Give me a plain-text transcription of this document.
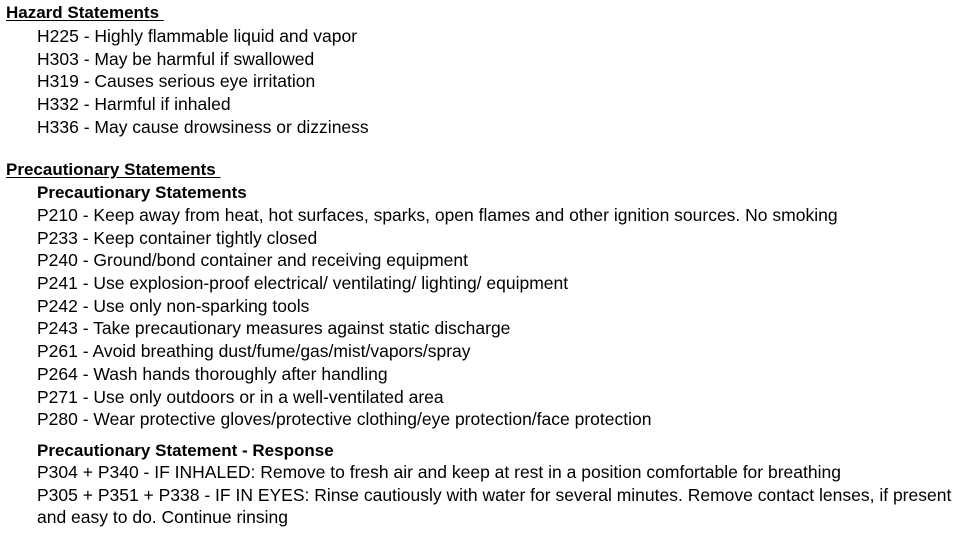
Hazard Statements
H225 - Highly flammable liquid and vapor
H303 - May be harmful if swallowed
H319 - Causes serious eye irritation
H332 - Harmful if inhaled
H336 - May cause drowsiness or dizziness
Precautionary Statements
Precautionary Statements
P210 - Keep away from heat, hot surfaces, sparks, open flames and other ignition sources. No smoking
P233 - Keep container tightly closed
P240 - Ground/bond container and receiving equipment
P241 - Use explosion-proof electrical/ ventilating/ lighting/ equipment
P242 - Use only non-sparking tools
P243 - Take precautionary measures against static discharge
P261 - Avoid breathing dust/fume/gas/mist/vapors/spray
P264 - Wash hands thoroughly after handling
P271 - Use only outdoors or in a well-ventilated area
P280 - Wear protective gloves/protective clothing/eye protection/face protection
Precautionary Statement - Response
P304 + P340 - IF INHALED: Remove to fresh air and keep at rest in a position comfortable for breathing
P305 + P351 + P338 - IF IN EYES: Rinse cautiously with water for several minutes. Remove contact lenses, if present and easy to do. Continue rinsing
